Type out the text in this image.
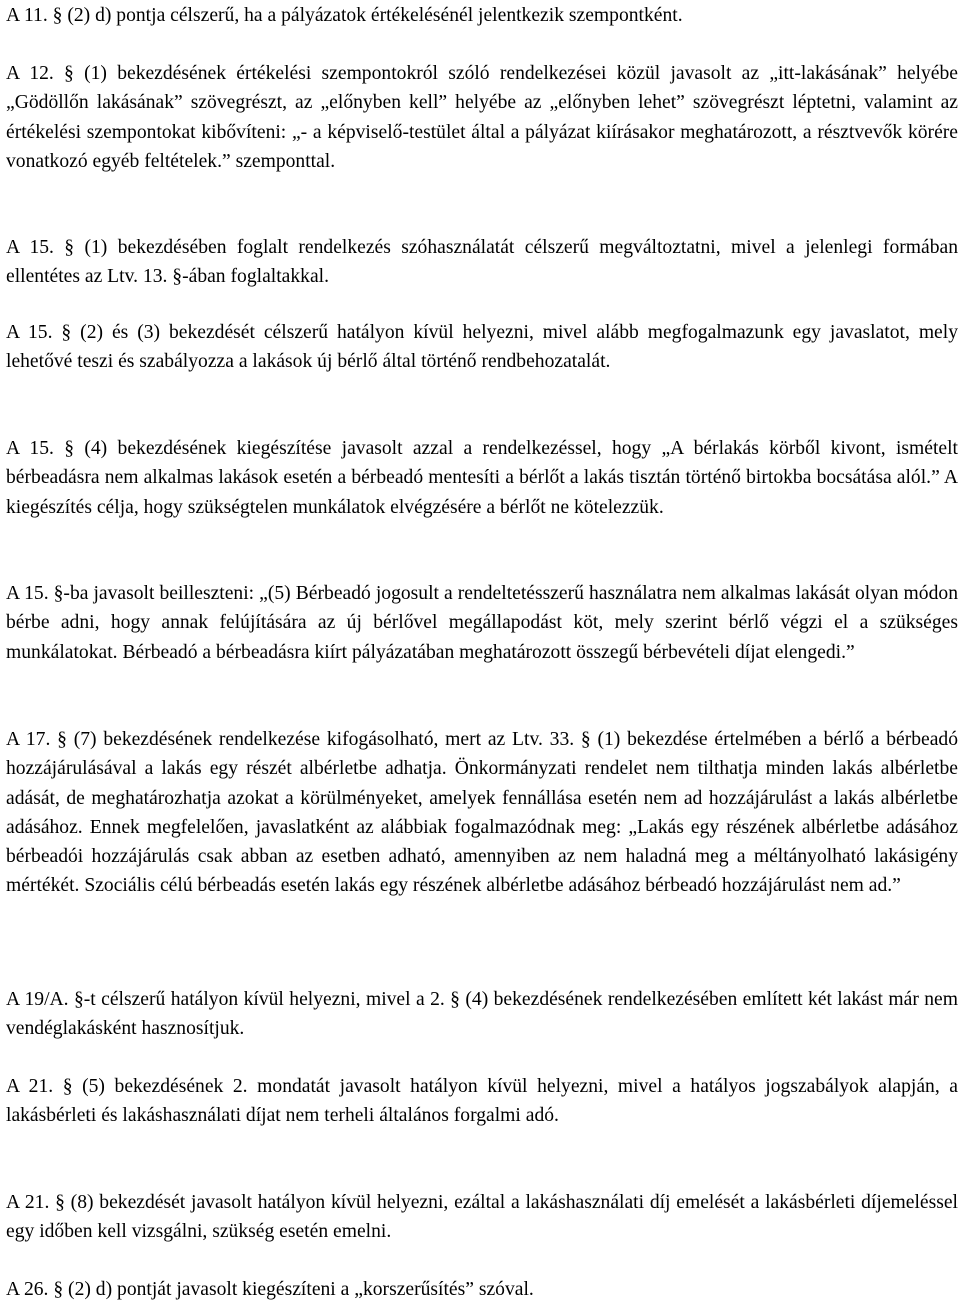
A 11. § (2) d) pontja célszerű, ha a pályázatok értékelésénél jelentkezik szempontként.

A 12. § (1) bekezdésének értékelési szempontokról szóló rendelkezései közül javasolt az „itt-lakásának” helyébe „Gödöllőn lakásának” szövegrészt, az „előnyben kell” helyébe az „előnyben lehet” szövegrészt léptetni, valamint az értékelési szempontokat kibővíteni: „- a képviselő-testület által a pályázat kiírásakor meghatározott, a résztvevők körére vonatkozó egyéb feltételek.” szemponttal.

A 15. § (1) bekezdésében foglalt rendelkezés szóhasználatát célszerű megváltoztatni, mivel a jelenlegi formában ellentétes az Ltv. 13. §-ában foglaltakkal.

A 15. § (2) és (3) bekezdését célszerű hatályon kívül helyezni, mivel alább megfogalmazunk egy javaslatot, mely lehetővé teszi és szabályozza a lakások új bérlő által történő rendbehozatalát.

A 15. § (4) bekezdésének kiegészítése javasolt azzal a rendelkezéssel, hogy „A bérlakás körből kivont, ismételt bérbeadásra nem alkalmas lakások esetén a bérbeadó mentesíti a bérlőt a lakás tisztán történő birtokba bocsátása alól.” A kiegészítés célja, hogy szükségtelen munkálatok elvégzésére a bérlőt ne kötelezzük.

A 15. §-ba javasolt beilleszteni: „(5) Bérbeadó jogosult a rendeltetésszerű használatra nem alkalmas lakását olyan módon bérbe adni, hogy annak felújítására az új bérlővel megállapodást köt, mely szerint bérlő végzi el a szükséges munkálatokat. Bérbeadó a bérbeadásra kiírt pályázatában meghatározott összegű bérbevételi díjat elengedi.”

A 17. § (7) bekezdésének rendelkezése kifogásolható, mert az Ltv. 33. § (1) bekezdése értelmében a bérlő a bérbeadó hozzájárulásával a lakás egy részét albérletbe adhatja. Önkormányzati rendelet nem tilthatja minden lakás albérletbe adását, de meghatározhatja azokat a körülményeket, amelyek fennállása esetén nem ad hozzájárulást a lakás albérletbe adásához. Ennek megfelelően, javaslatként az alábbiak fogalmazódnak meg: „Lakás egy részének albérletbe adásához bérbeadói hozzájárulás csak abban az esetben adható, amennyiben az nem haladná meg a méltányolható lakásigény mértékét. Szociális célú bérbeadás esetén lakás egy részének albérletbe adásához bérbeadó hozzájárulást nem ad.”

A 19/A. §-t célszerű hatályon kívül helyezni, mivel a 2. § (4) bekezdésének rendelkezésében említett két lakást már nem vendéglakásként hasznosítjuk.

A 21. § (5) bekezdésének 2. mondatát javasolt hatályon kívül helyezni, mivel a hatályos jogszabályok alapján, a lakásbérleti és lakáshasználati díjat nem terheli általános forgalmi adó.

A 21. § (8) bekezdését javasolt hatályon kívül helyezni, ezáltal a lakáshasználati díj emelését a lakásbérleti díjemeléssel egy időben kell vizsgálni, szükség esetén emelni.

A 26. § (2) d) pontját javasolt kiegészíteni a „korszerűsítés” szóval.
